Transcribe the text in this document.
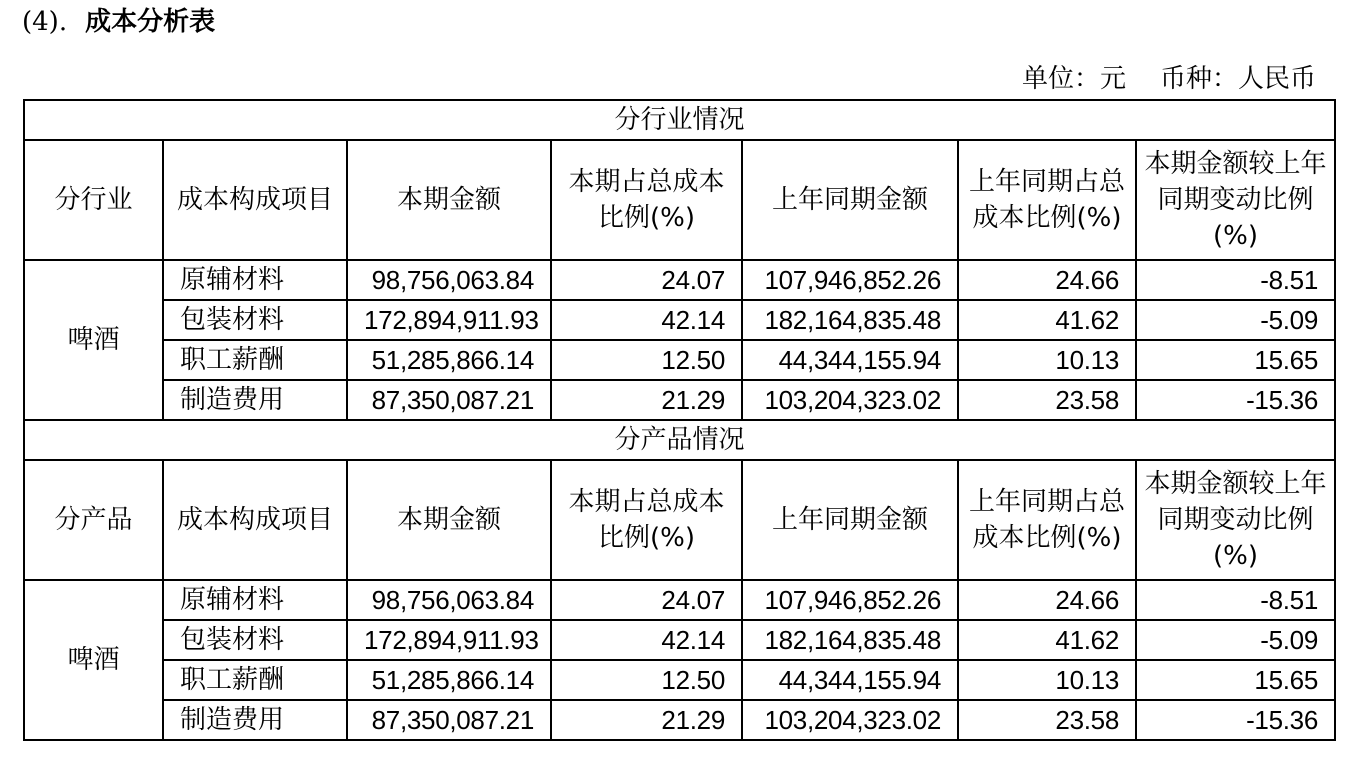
(4). 成本分析表
单位：元 币种：人民币
分行业情况						
分行业	成本构成项目	本期金额	本期占总成本比例(%)	上年同期金额	上年同期占总成本比例(%)	本期金额较上年同期变动比例(%)
啤酒	原辅材料	98,756,063.84	24.07	107,946,852.26	24.66	-8.51
	包装材料	172,894,911.93	42.14	182,164,835.48	41.62	-5.09
	职工薪酬	51,285,866.14	12.50	44,344,155.94	10.13	15.65
	制造费用	87,350,087.21	21.29	103,204,323.02	23.58	-15.36
分产品情况						
分产品	成本构成项目	本期金额	本期占总成本比例(%)	上年同期金额	上年同期占总成本比例(%)	本期金额较上年同期变动比例(%)
啤酒	原辅材料	98,756,063.84	24.07	107,946,852.26	24.66	-8.51
	包装材料	172,894,911.93	42.14	182,164,835.48	41.62	-5.09
	职工薪酬	51,285,866.14	12.50	44,344,155.94	10.13	15.65
	制造费用	87,350,087.21	21.29	103,204,323.02	23.58	-15.36
